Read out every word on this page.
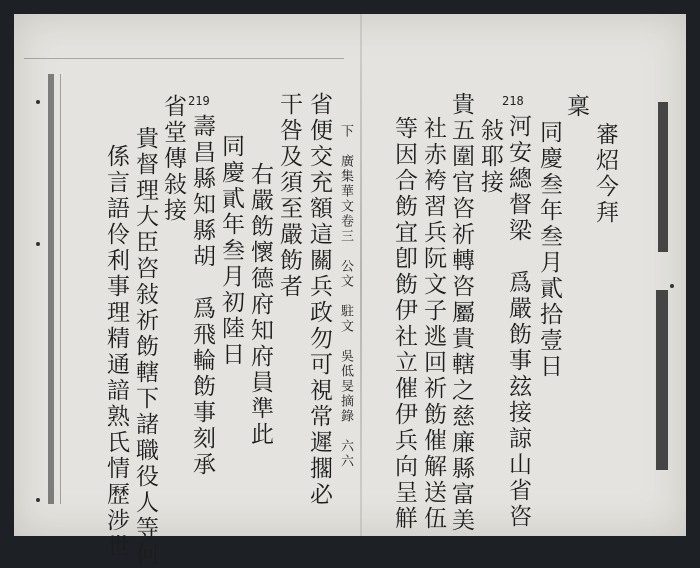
218
219
審炤今拜
稟
同慶叁年叁月貳拾壹日
河安總督梁　爲嚴飭事玆接諒山省咨
敍耶接
貴五圍官咨祈轉咨屬貴轄之慈廉縣富美
社赤袴習兵阮文子逃回祈飭催解送伍
等因合飭宜卽飭伊社立催伊兵向呈觧
下　廣集華文卷三　公文　駐文　吳低旻摘錄　六六
省便交充額這關兵政勿可視常遲擱必
干咎及須至嚴飭者
右嚴飭懷德府知府員準此
同慶貳年叁月初陸日
壽昌縣知縣胡　爲飛輪飭事刻承
省堂傳敍接
貴督理大臣咨敍祈飭轄下諸職役人等何
係言語伶利事理精通諳熟氏情歷涉世
